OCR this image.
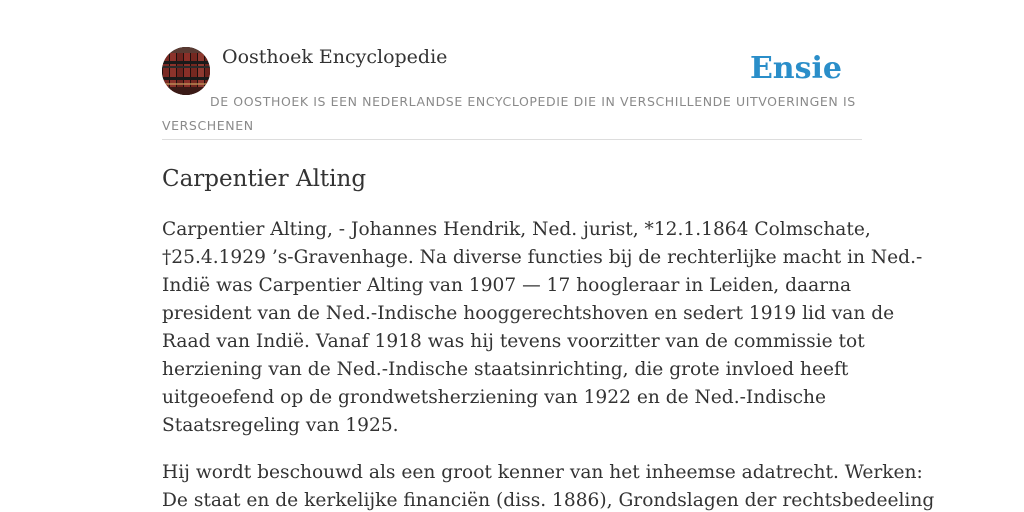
Oosthoek Encyclopedie	Ensie
DE OOSTHOEK IS EEN NEDERLANDSE ENCYCLOPEDIE DIE IN VERSCHILLENDE UITVOERINGEN IS VERSCHENEN
Carpentier Alting

Carpentier Alting, - Johannes Hendrik, Ned. jurist, *12.1.1864 Colmschate,
†25.4.1929 ’s-Gravenhage. Na diverse functies bij de rechterlijke macht in Ned.-
Indië was Carpentier Alting van 1907 — 17 hoogleraar in Leiden, daarna
president van de Ned.-Indische hooggerechtshoven en sedert 1919 lid van de
Raad van Indië. Vanaf 1918 was hij tevens voorzitter van de commissie tot
herziening van de Ned.-Indische staatsinrichting, die grote invloed heeft
uitgeoefend op de grondwetsherziening van 1922 en de Ned.-Indische
Staatsregeling van 1925.

Hij wordt beschouwd als een groot kenner van het inheemse adatrecht. Werken:
De staat en de kerkelijke financiën (diss. 1886), Grondslagen der rechtsbedeeling
